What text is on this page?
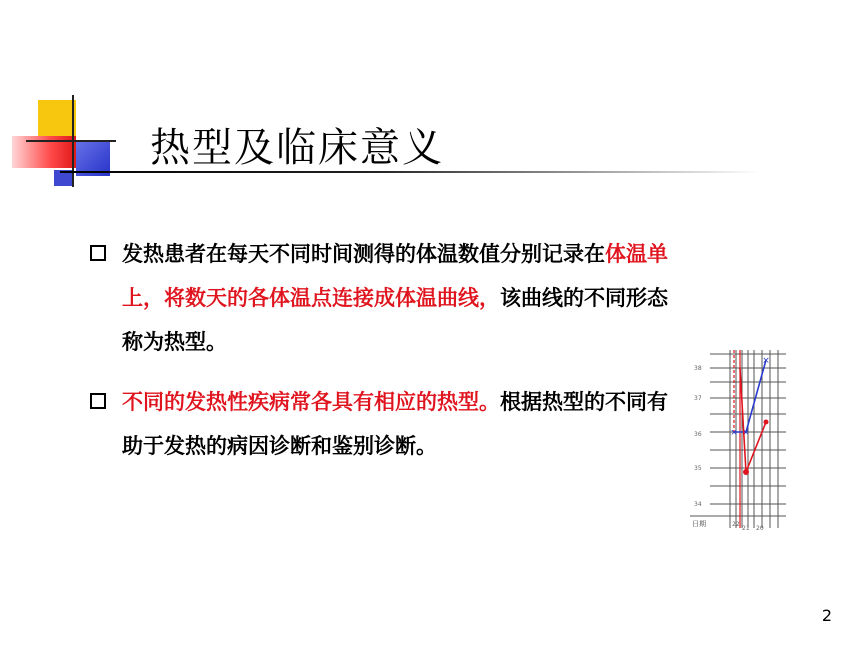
热型及临床意义
发热患者在每天不同时间测得的体温数值分别记录在体温单上，将数天的各体温点连接成体温曲线，该曲线的不同形态称为热型。
不同的发热性疾病常各具有相应的热型。根据热型的不同有助于发热的病因诊断和鉴别诊断。
× ×
×
38
37
36
35
34
日期	22
21 20
2
